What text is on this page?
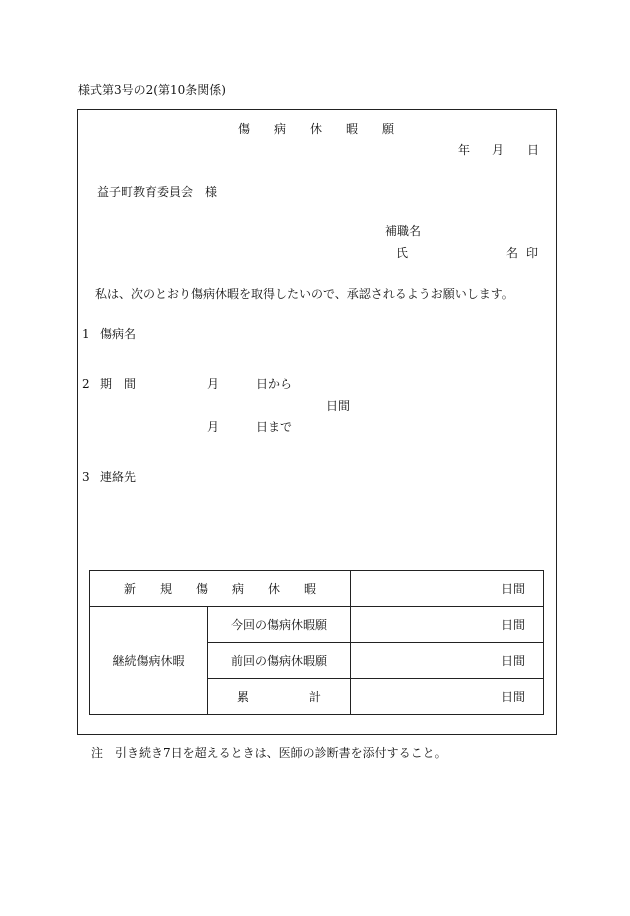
様式第3号の2(第10条関係)
傷　　病　　休　　暇　　願
年 月 日
益子町教育委員会　様
補職名
氏	名 印
私は、次のとおり傷病休暇を取得したいので、承認されるようお願いします。
1 傷病名
2 期　間	月	日から
日間
月	日まで
3 連絡先
新　　規　　傷　　病　　休　　暇		日間
継続傷病休暇	今回の傷病休暇願	日間
	前回の傷病休暇願	日間
	累　　　　　計	日間
注　引き続き7日を超えるときは、医師の診断書を添付すること。
